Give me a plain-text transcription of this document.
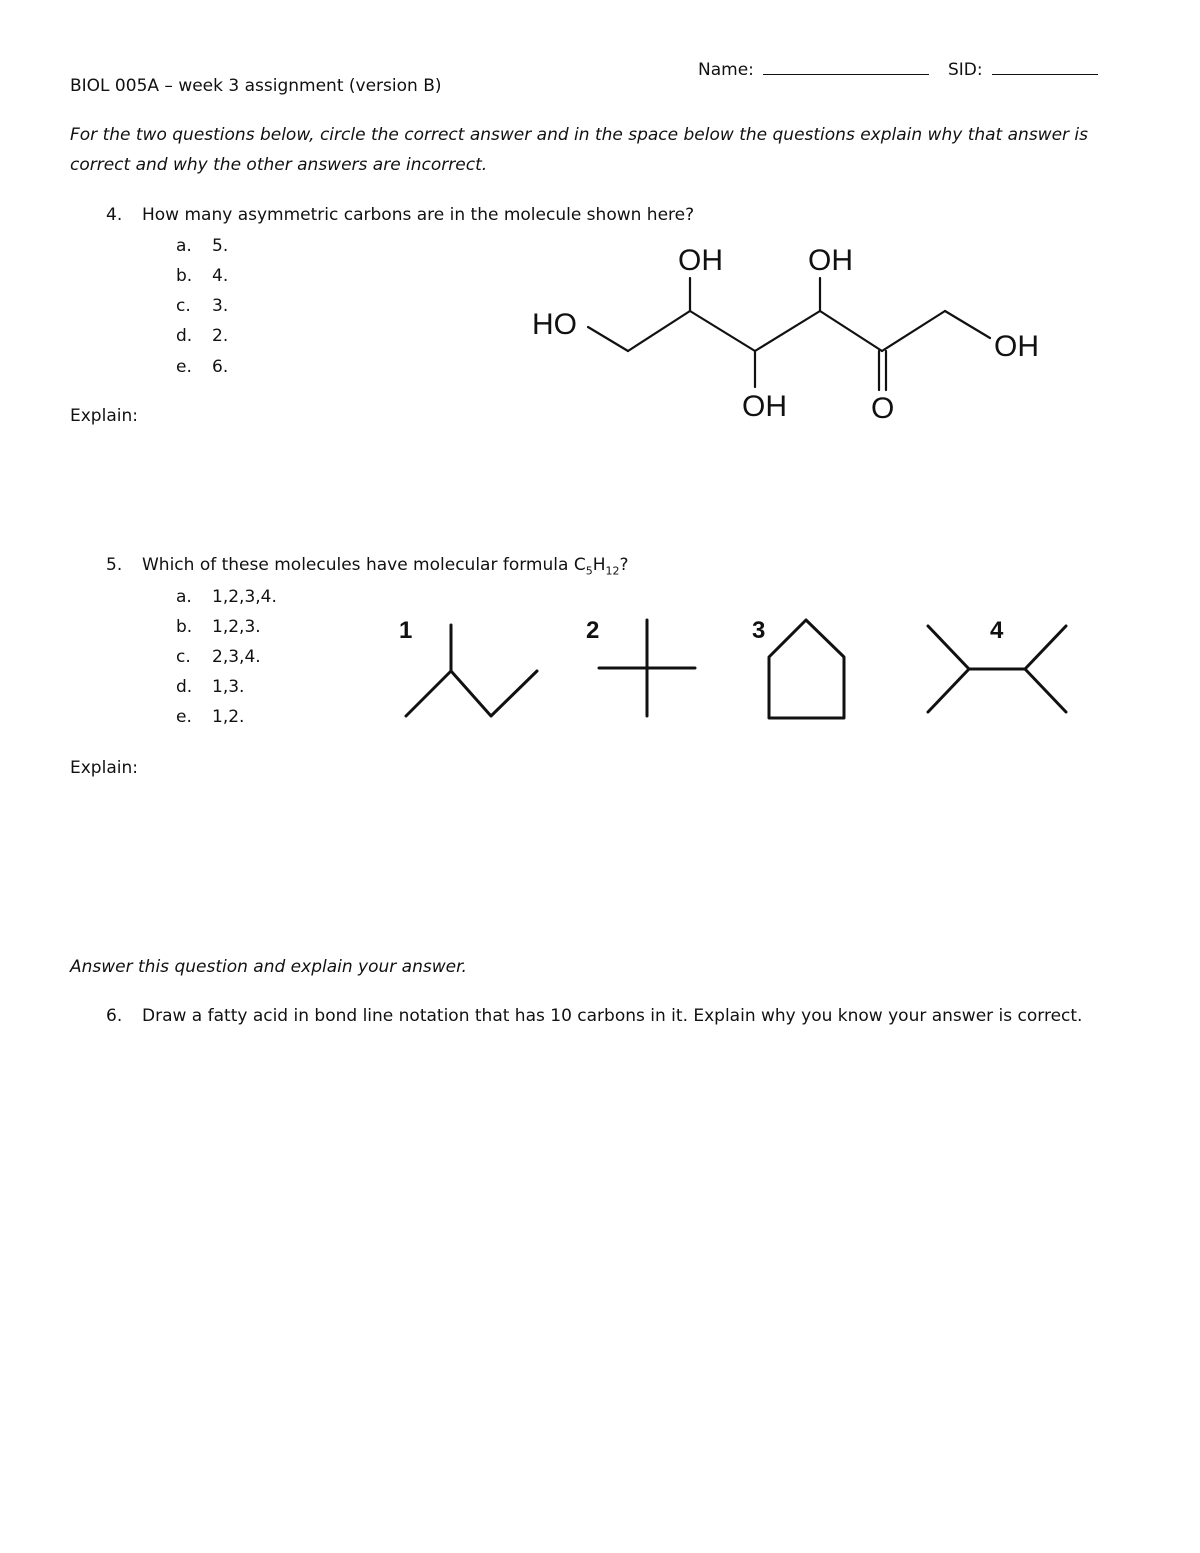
BIOL 005A – week 3 assignment (version B)
Name:	SID:
For the two questions below, circle the correct answer and in the space below the questions explain why that answer is
correct and why the other answers are incorrect.
4. How many asymmetric carbons are in the molecule shown here?
a. 5.
b. 4.
c. 3.
d. 2.
e. 6.
HO
OH	OH
OH
OH
O
Explain:
5. Which of these molecules have molecular formula $C_5H_{12}$?
a. 1,2,3,4.
b. 1,2,3.
c. 2,3,4.
d. 1,3.
e. 1,2.
1	2	3	4
Explain:
Answer this question and explain your answer.
6. Draw a fatty acid in bond line notation that has 10 carbons in it. Explain why you know your answer is correct.
